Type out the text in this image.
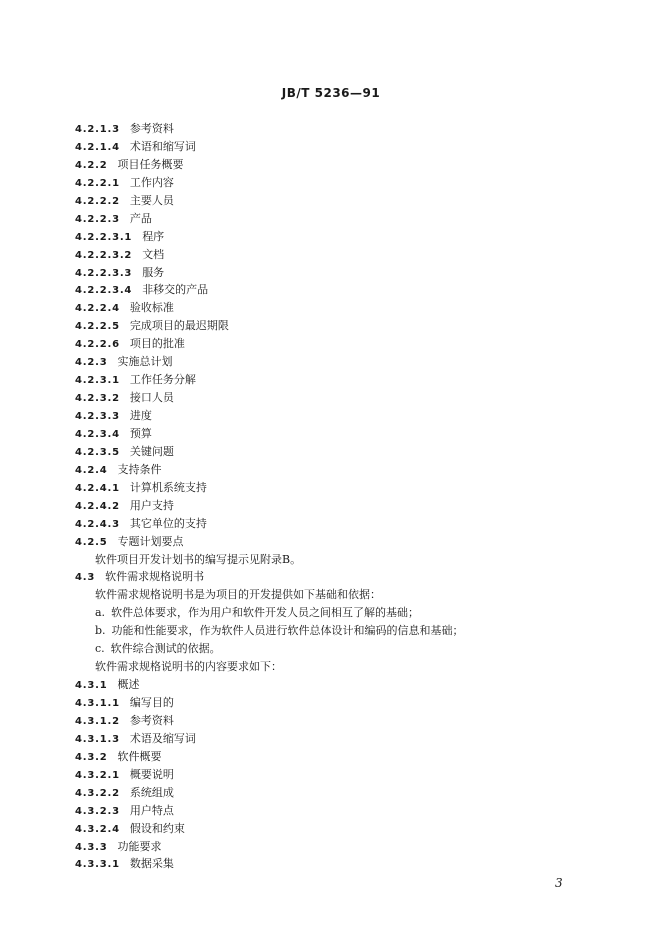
JB/T 5236—91
4.2.1.3 参考资料
4.2.1.4 术语和缩写词
4.2.2 项目任务概要
4.2.2.1 工作内容
4.2.2.2 主要人员
4.2.2.3 产品
4.2.2.3.1 程序
4.2.2.3.2 文档
4.2.2.3.3 服务
4.2.2.3.4 非移交的产品
4.2.2.4 验收标准
4.2.2.5 完成项目的最迟期限
4.2.2.6 项目的批准
4.2.3 实施总计划
4.2.3.1 工作任务分解
4.2.3.2 接口人员
4.2.3.3 进度
4.2.3.4 预算
4.2.3.5 关键问题
4.2.4 支持条件
4.2.4.1 计算机系统支持
4.2.4.2 用户支持
4.2.4.3 其它单位的支持
4.2.5 专题计划要点
软件项目开发计划书的编写提示见附录B。
4.3 软件需求规格说明书
软件需求规格说明书是为项目的开发提供如下基础和依据：
a. 软件总体要求，作为用户和软件开发人员之间相互了解的基础；
b. 功能和性能要求，作为软件人员进行软件总体设计和编码的信息和基础；
c. 软件综合测试的依据。
软件需求规格说明书的内容要求如下：
4.3.1 概述
4.3.1.1 编写目的
4.3.1.2 参考资料
4.3.1.3 术语及缩写词
4.3.2 软件概要
4.3.2.1 概要说明
4.3.2.2 系统组成
4.3.2.3 用户特点
4.3.2.4 假设和约束
4.3.3 功能要求
4.3.3.1 数据采集
3
